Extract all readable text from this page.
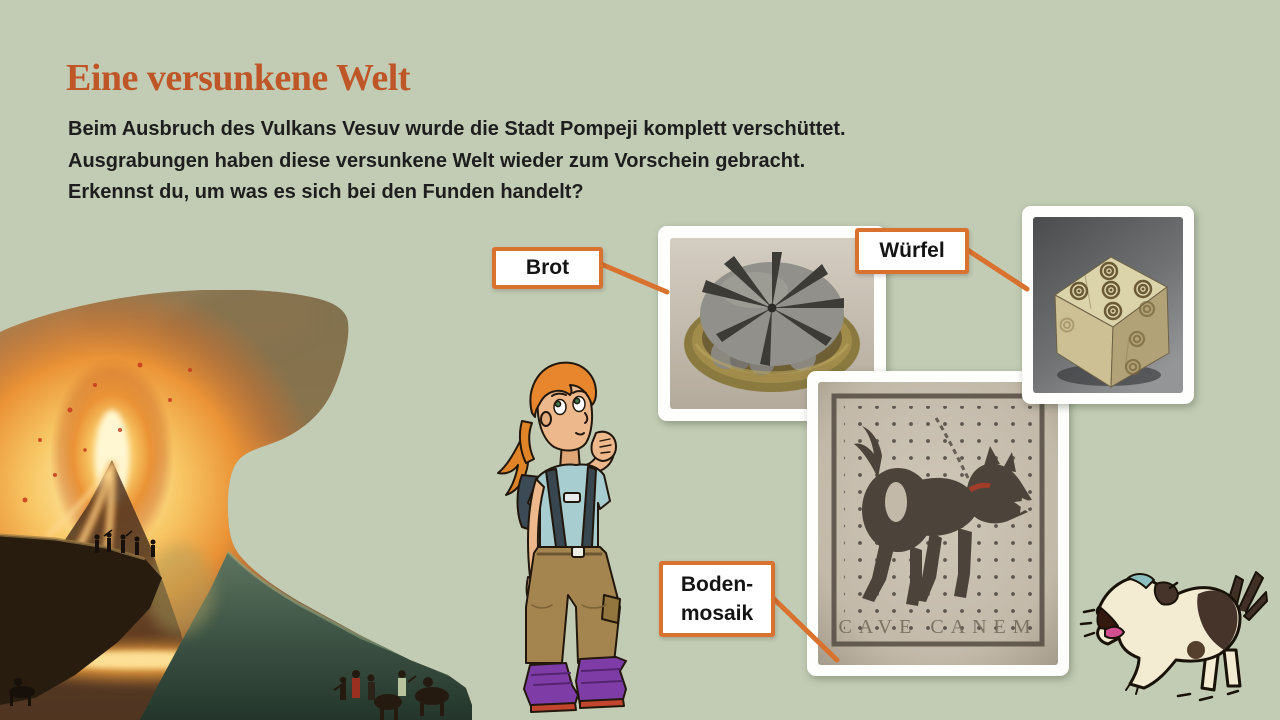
Eine versunkene Welt
Beim Ausbruch des Vulkans Vesuv wurde die Stadt Pompeji komplett verschüttet.
Ausgrabungen haben diese versunkene Welt wieder zum Vorschein gebracht.
Erkennst du, um was es sich bei den Funden handelt?
CAVE CANEM
Brot
Würfel
Boden-
mosaik
